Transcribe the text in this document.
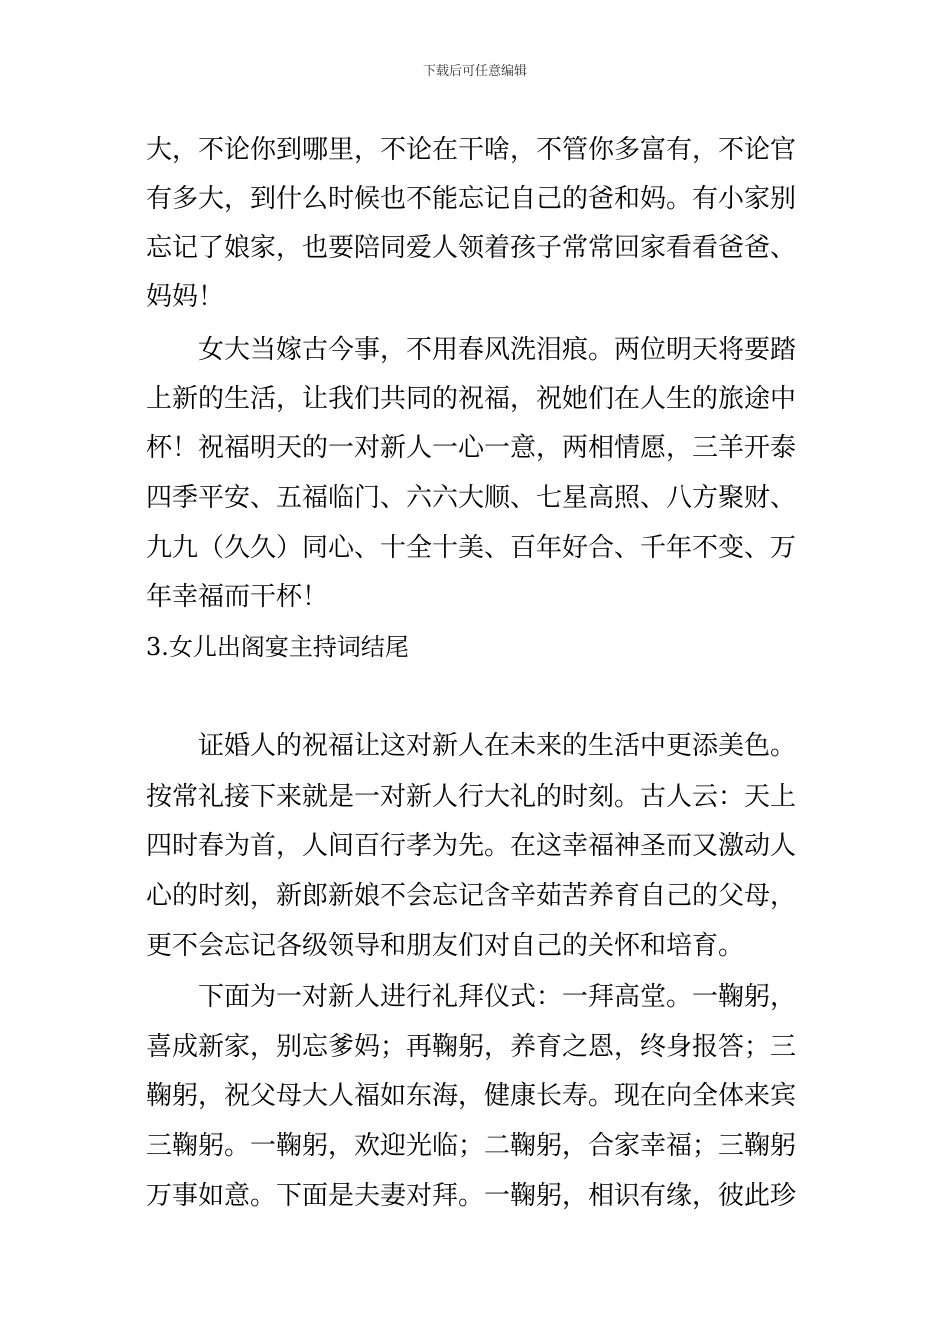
下载后可任意编辑
大，不论你到哪里，不论在干啥，不管你多富有，不论官
有多大，到什么时候也不能忘记自己的爸和妈。有小家别
忘记了娘家，也要陪同爱人领着孩子常常回家看看爸爸、
妈妈！
女大当嫁古今事，不用春风洗泪痕。两位明天将要踏
上新的生活，让我们共同的祝福，祝她们在人生的旅途中
杯！祝福明天的一对新人一心一意，两相情愿，三羊开泰
四季平安、五福临门、六六大顺、七星高照、八方聚财、
九九（久久）同心、十全十美、百年好合、千年不变、万
年幸福而干杯！
3.女儿出阁宴主持词结尾
证婚人的祝福让这对新人在未来的生活中更添美色。
按常礼接下来就是一对新人行大礼的时刻。古人云：天上
四时春为首，人间百行孝为先。在这幸福神圣而又激动人
心的时刻，新郎新娘不会忘记含辛茹苦养育自己的父母，
更不会忘记各级领导和朋友们对自己的关怀和培育。
下面为一对新人进行礼拜仪式：一拜高堂。一鞠躬，
喜成新家，别忘爹妈；再鞠躬，养育之恩，终身报答；三
鞠躬，祝父母大人福如东海，健康长寿。现在向全体来宾
三鞠躬。一鞠躬，欢迎光临；二鞠躬，合家幸福；三鞠躬
万事如意。下面是夫妻对拜。一鞠躬，相识有缘，彼此珍
